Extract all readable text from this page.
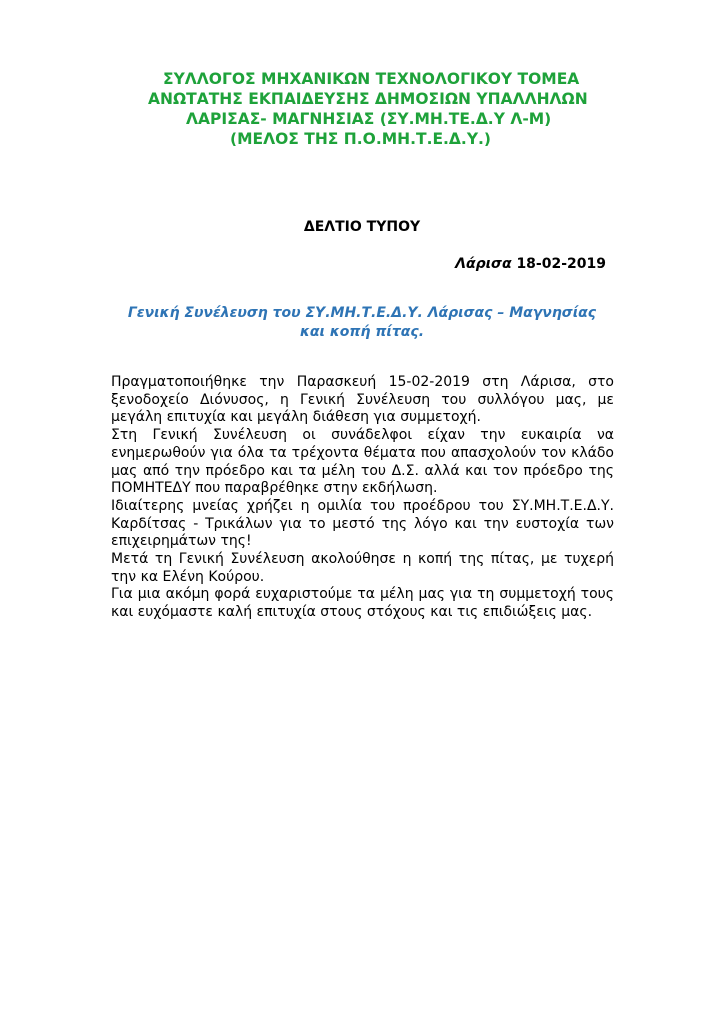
ΣΥΛΛΟΓΟΣ ΜΗΧΑΝΙΚΩΝ ΤΕΧΝΟΛΟΓΙΚΟΥ ΤΟΜΕΑ
ΑΝΩΤΑΤΗΣ ΕΚΠΑΙΔΕΥΣΗΣ ΔΗΜΟΣΙΩΝ ΥΠΑΛΛΗΛΩΝ
ΛΑΡΙΣΑΣ- ΜΑΓΝΗΣΙΑΣ (ΣΥ.ΜΗ.ΤΕ.Δ.Υ Λ-Μ)
(ΜΕΛΟΣ ΤΗΣ Π.Ο.ΜΗ.Τ.Ε.Δ.Υ.)
ΔΕΛΤΙΟ ΤΥΠΟΥ
Λάρισα 18-02-2019
Γενική Συνέλευση του ΣΥ.ΜΗ.Τ.Ε.Δ.Υ. Λάρισας – Μαγνησίας
και κοπή πίτας.

Πραγματοποιήθηκε την Παρασκευή 15-02-2019 στη Λάρισα, στο ξενοδοχείο Διόνυσος, η Γενική Συνέλευση του συλλόγου μας, με μεγάλη επιτυχία και μεγάλη διάθεση για συμμετοχή.

Στη Γενική Συνέλευση οι συνάδελφοι είχαν την ευκαιρία να ενημερωθούν για όλα τα τρέχοντα θέματα που απασχολούν τον κλάδο μας από την πρόεδρο και τα μέλη του Δ.Σ. αλλά και τον πρόεδρο της ΠΟΜΗΤΕΔΥ που παραβρέθηκε στην εκδήλωση.

Ιδιαίτερης μνείας χρήζει η ομιλία του προέδρου του ΣΥ.ΜΗ.Τ.Ε.Δ.Υ. Καρδίτσας - Τρικάλων για το μεστό της λόγο και την ευστοχία των επιχειρημάτων της!

Μετά τη Γενική Συνέλευση ακολούθησε η κοπή της πίτας, με τυχερή την κα Ελένη Κούρου.

Για μια ακόμη φορά ευχαριστούμε τα μέλη μας για τη συμμετοχή τους και ευχόμαστε καλή επιτυχία στους στόχους και τις επιδιώξεις μας.
